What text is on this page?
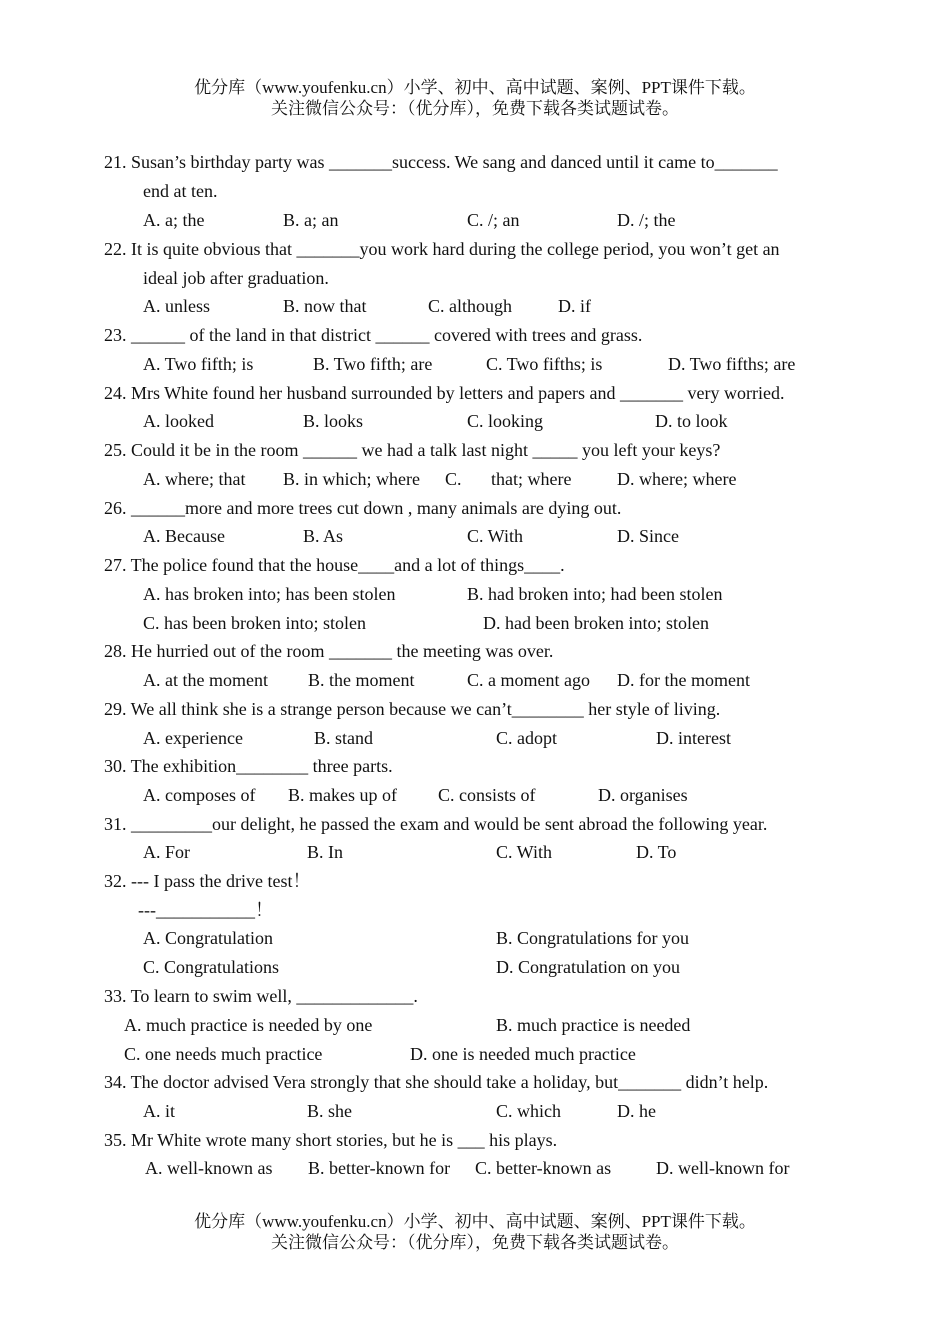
优分库（www.youfenku.cn）小学、初中、高中试题、案例、PPT课件下载。
关注微信公众号：（优分库），免费下载各类试题试卷。
21. Susan’s birthday party was _______success. We sang and danced until it came to_______
end at ten.
A. a; the	B. a; an	C. /; an	D. /; the
22. It is quite obvious that _______you work hard during the college period, you won’t get an
ideal job after graduation.
A. unless	B. now that	C. although	D. if
23. ______ of the land in that district ______ covered with trees and grass.
A. Two fifth; is	B. Two fifth; are	C. Two fifths; is	D. Two fifths; are
24. Mrs White found her husband surrounded by letters and papers and _______ very worried.
A. looked	B. looks	C. looking	D. to look
25. Could it be in the room ______ we had a talk last night _____ you left your keys?
A. where; that B. in which; where C. that; where	D. where; where
26. ______more and more trees cut down , many animals are dying out.
A. Because	B. As	C. With	D. Since
27. The police found that the house____and a lot of things____.
A. has broken into; has been stolen	B. had broken into; had been stolen
C. has been broken into; stolen	D. had been broken into; stolen
28. He hurried out of the room _______ the meeting was over.
A. at the moment B. the moment	C. a moment ago D. for the moment
29. We all think she is a strange person because we can’t________ her style of living.
A. experience	B. stand	C. adopt	D. interest
30. The exhibition________ three parts.
A. composes of B. makes up of C. consists of	D. organises
31. _________our delight, he passed the exam and would be sent abroad the following year.
A. For	B. In	C. With	D. To
32. --- I pass the drive test！
---___________！
A. Congratulation	B. Congratulations for you
C. Congratulations	D. Congratulation on you
33. To learn to swim well, _____________.
A. much practice is needed by one	B. much practice is needed
C. one needs much practice	D. one is needed much practice
34. The doctor advised Vera strongly that she should take a holiday, but_______ didn’t help.
A. it	B. she	C. which	D. he
35. Mr White wrote many short stories, but he is ___ his plays.
A. well-known as B. better-known for C. better-known as D. well-known for
优分库（www.youfenku.cn）小学、初中、高中试题、案例、PPT课件下载。
关注微信公众号：（优分库），免费下载各类试题试卷。
